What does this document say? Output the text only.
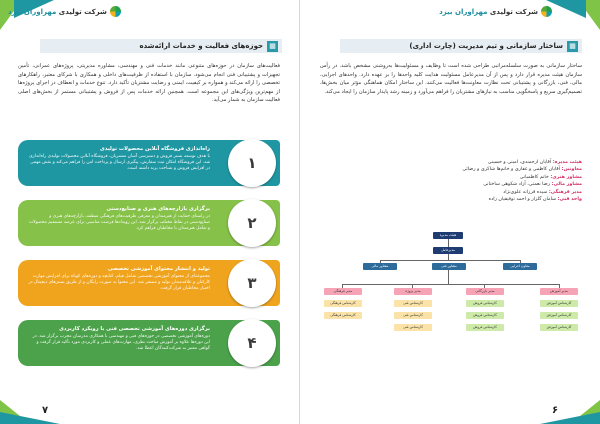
شرکت تولیدی مهراوران بیزد
▦
حوزه‌های فعالیت و خدمات ارائه‌شده

فعالیت‌های سازمان در حوزه‌های متنوعی مانند خدمات فنی و مهندسی، مشاوره مدیریتی، پروژه‌های عمرانی، تأمین تجهیزات و پشتیبانی فنی انجام می‌شود. سازمان با استفاده از ظرفیت‌های داخلی و همکاری با شرکای معتبر، راهکارهای تخصصی را ارائه می‌کند و همواره بر کیفیت، ایمنی و رضایت مشتریان تأکید دارد. تنوع خدمات و انعطاف در اجرای پروژه‌ها از مهم‌ترین ویژگی‌های این مجموعه است. همچنین ارائه خدمات پس از فروش و پشتیبانی مستمر از بخش‌های اصلی فعالیت سازمان به شمار می‌آید.

راه‌اندازی فروشگاه آنلاین محصولات تولیدی
با هدف توسعه بستر فروش و دسترسی آسان مشتریان، فروشگاه آنلاین محصولات تولیدی راه‌اندازی شد. این فروشگاه امکان ثبت سفارش، پیگیری ارسال و پرداخت امن را فراهم می‌کند و نقش مهمی در افزایش فروش و شناخت برند داشته است.	۱
برگزاری بازارچه‌های هنری و صنایع‌دستی
در راستای حمایت از هنرمندان و معرفی ظرفیت‌های فرهنگی منطقه، بازارچه‌های هنری و صنایع‌دستی در نقاط مختلف برگزار شد. این رویدادها فرصت مناسبی برای عرضه مستقیم محصولات و تعامل هنرمندان با مخاطبان فراهم کرد.	۲
تولید و انتشار محتوای آموزشی تخصصی
مجموعه‌ای از محتوای آموزشی تخصصی شامل فیلم، کتابچه و دوره‌های کوتاه برای افزایش مهارت کارکنان و علاقه‌مندان تولید و منتشر شد. این محتوا به صورت رایگان و از طریق بسترهای دیجیتال در اختیار مخاطبان قرار گرفت.	۳
برگزاری دوره‌های آموزشی تخصصی فنی با رویکرد کاربردی
دوره‌های آموزشی تخصصی در حوزه‌های فنی و مهندسی با همکاری مدرسان مجرب برگزار شد. در این دوره‌ها علاوه بر آموزش مباحث نظری، مهارت‌های عملی و کاربردی مورد تأکید قرار گرفت و گواهی معتبر به شرکت‌کنندگان اعطا شد.	۴
۷
شرکت تولیدی مهراوران بیزد
▦
ساختار سازمانی و تیم مدیریت (چارت اداری)

ساختار سازمانی به صورت سلسله‌مراتبی طراحی شده است تا وظایف و مسئولیت‌ها به‌روشنی مشخص باشد. در رأس سازمان هیئت مدیره قرار دارد و پس از آن مدیرعامل مسئولیت هدایت کلیه واحدها را بر عهده دارد. واحدهای اجرایی، مالی، فنی، بازرگانی و پشتیبانی تحت نظارت معاونت‌ها فعالیت می‌کنند. این ساختار امکان هماهنگی مؤثر میان بخش‌ها، تصمیم‌گیری سریع و پاسخگویی مناسب به نیازهای مشتریان را فراهم می‌آورد و زمینه رشد پایدار سازمان را ایجاد می‌کند.

هیئت مدیره: آقایان ارجمندی، امینی و حسینی
معاونین: آقایان کاظمی و غفاری و خانم‌ها شاکری و رضائی
مشاور هنری: خانم کاظمیانی
مشاور مالی: رضا نعمتی، آزاد شکوهی ساختانی
مدیر فرهنگی: سیده فرزانه علوی‌نژاد
واحد فنی: سامان گلزار و احمد توفیقیان زاده
هیئت مدیره
مدیرعامل
مشاور مالی	مشاور فنی	معاون اجرایی
مدیر فرهنگی
کارشناس فرهنگی
کارشناس فرهنگی
مدیر پروژه
کارشناس فنی
کارشناس فنی
کارشناس فنی
مدیر بازرگانی
کارشناس فروش
کارشناس فروش
کارشناس فروش
مدیر آموزش
کارشناس آموزش
کارشناس آموزش
کارشناس آموزش
۶
